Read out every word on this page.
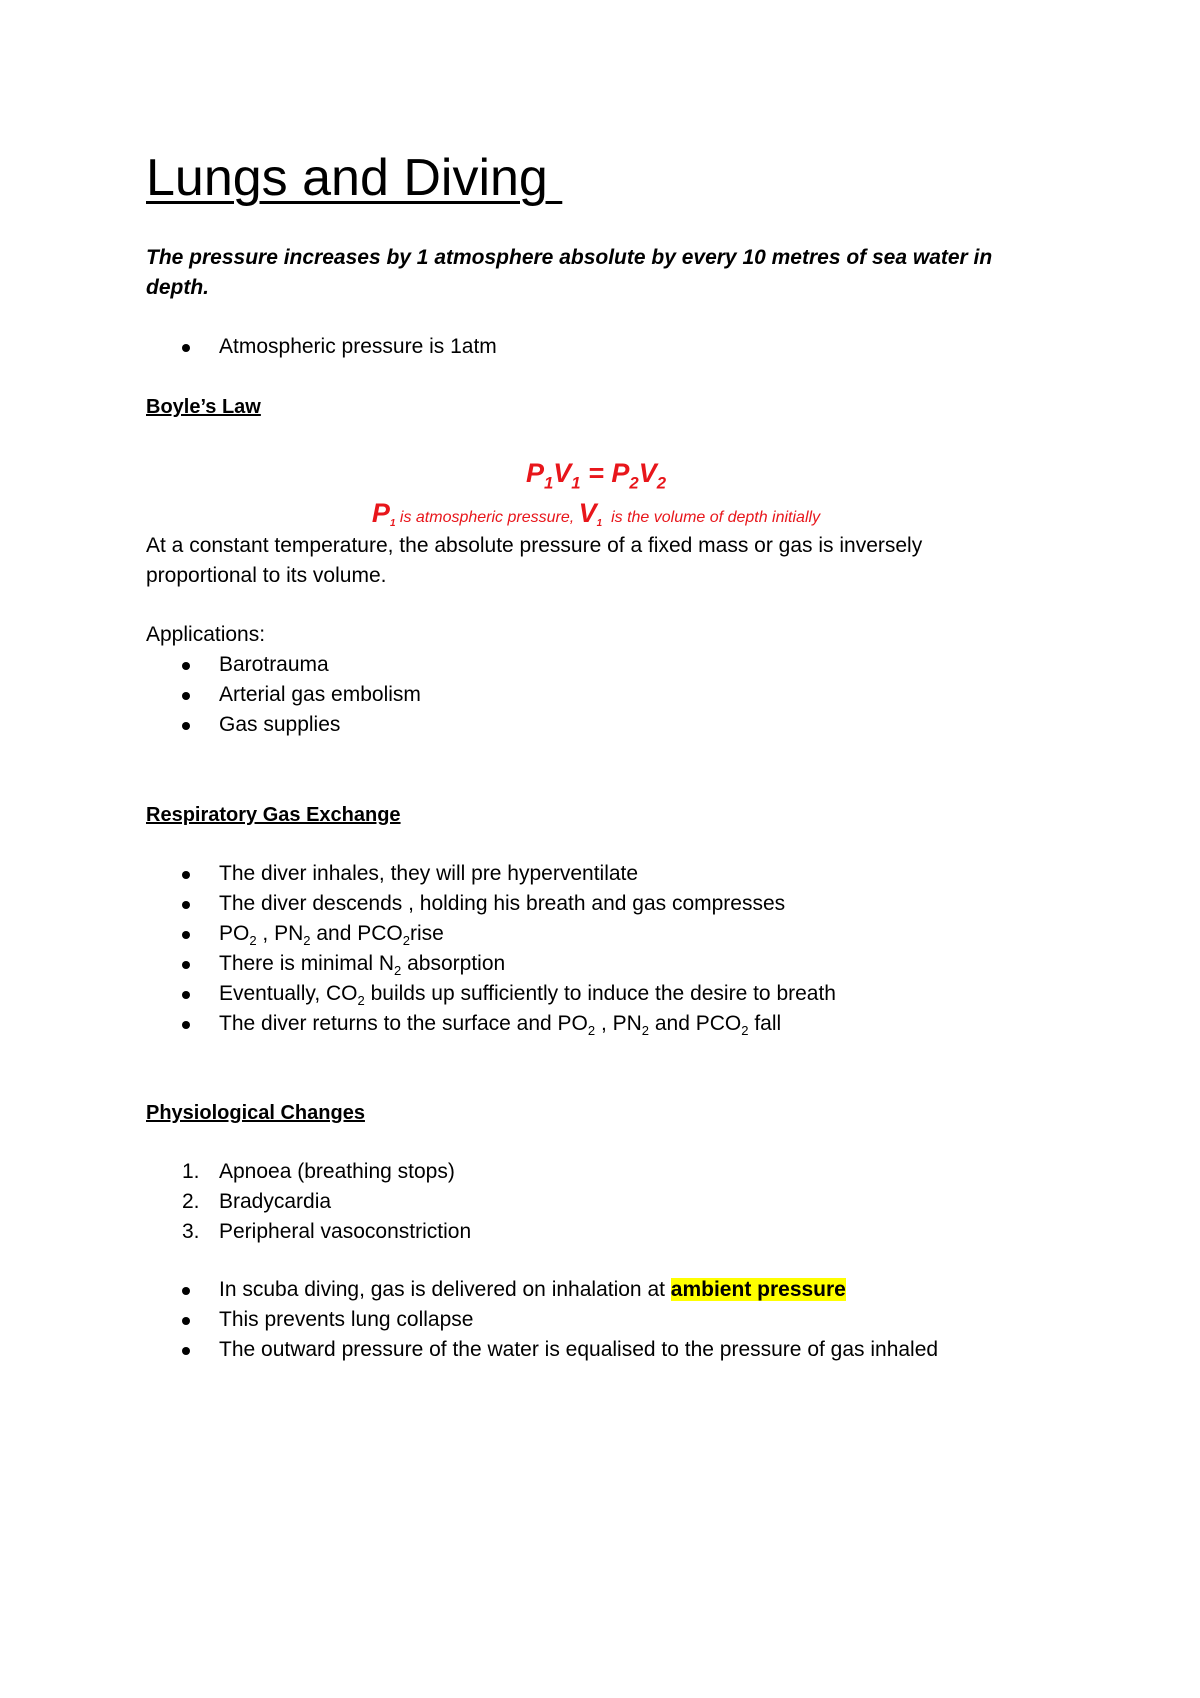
Lungs and Diving

The pressure increases by 1 atmosphere absolute by every 10 metres of sea water in depth.

Atmospheric pressure is 1atm
Boyle’s Law
$P_1V_1 = P_2V_2$
$P_1$ is atmospheric pressure, $V_1$  is the volume of depth initially

At a constant temperature, the absolute pressure of a fixed mass or gas is inversely proportional to its volume.

Applications:

Barotrauma
Arterial gas embolism
Gas supplies
Respiratory Gas Exchange
The diver inhales, they will pre hyperventilate
The diver descends , holding his breath and gas compresses
$PO_2$ , $PN_2$ and $PCO_2rise$
There is minimal $N_2$ absorption
Eventually, $CO_2$ builds up sufficiently to induce the desire to breath
The diver returns to the surface and $PO_2$ , $PN_2$ and $PCO_2$ fall
Physiological Changes
1. Apnoea (breathing stops)
2. Bradycardia
3. Peripheral vasoconstriction
In scuba diving, gas is delivered on inhalation at ambient pressure
This prevents lung collapse
The outward pressure of the water is equalised to the pressure of gas inhaled
